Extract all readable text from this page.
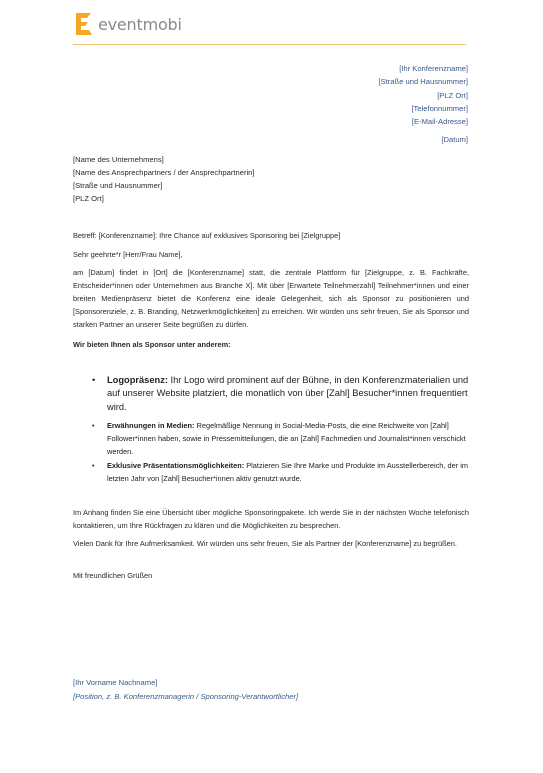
eventmobi
[Ihr Konferenzname]
[Straße und Hausnummer]
[PLZ Ort]
[Telefonnummer]
[E-Mail-Adresse]
[Datum]
[Name des Unternehmens]
[Name des Ansprechpartners / der Ansprechpartnerin]
[Straße und Hausnummer]
[PLZ Ort]
Betreff: [Konferenzname]: Ihre Chance auf exklusives Sponsoring bei [Zielgruppe]
Sehr geehrte*r [Herr/Frau Name],
am [Datum] findet in [Ort] die [Konferenzname] statt, die zentrale Plattform für [Zielgruppe, z. B. Fachkräfte, Entscheider*innen oder Unternehmen aus Branche X]. Mit über [Erwartete Teilnehmerzahl] Teilnehmer*innen und einer breiten Medienpräsenz bietet die Konferenz eine ideale Gelegenheit, sich als Sponsor zu positionieren und [Sponsorenziele, z. B. Branding, Netzwerkmöglichkeiten] zu erreichen. Wir würden uns sehr freuen, Sie als Sponsor und starken Partner an unserer Seite begrüßen zu dürfen.
Wir bieten Ihnen als Sponsor unter anderem:
• Logopräsenz: Ihr Logo wird prominent auf der Bühne, in den Konferenzmaterialien und auf unserer Website platziert, die monatlich von über [Zahl] Besucher*innen frequentiert wird.
• Erwähnungen in Medien: Regelmäßige Nennung in Social-Media-Posts, die eine Reichweite von [Zahl] Follower*innen haben, sowie in Pressemitteilungen, die an [Zahl] Fachmedien und Journalist*innen verschickt werden.
• Exklusive Präsentationsmöglichkeiten: Platzieren Sie Ihre Marke und Produkte im Ausstellerbereich, der im letzten Jahr von [Zahl] Besucher*innen aktiv genutzt wurde.
Im Anhang finden Sie eine Übersicht über mögliche Sponsoringpakete. Ich werde Sie in der nächsten Woche telefonisch kontaktieren, um Ihre Rückfragen zu klären und die Möglichkeiten zu besprechen.
Vielen Dank für Ihre Aufmerksamkeit. Wir würden uns sehr freuen, Sie als Partner der [Konferenzname] zu begrüßen.
Mit freundlichen Grüßen
[Ihr Vorname Nachname]
[Position, z. B. Konferenzmanagerin / Sponsoring-Verantwortlicher]
